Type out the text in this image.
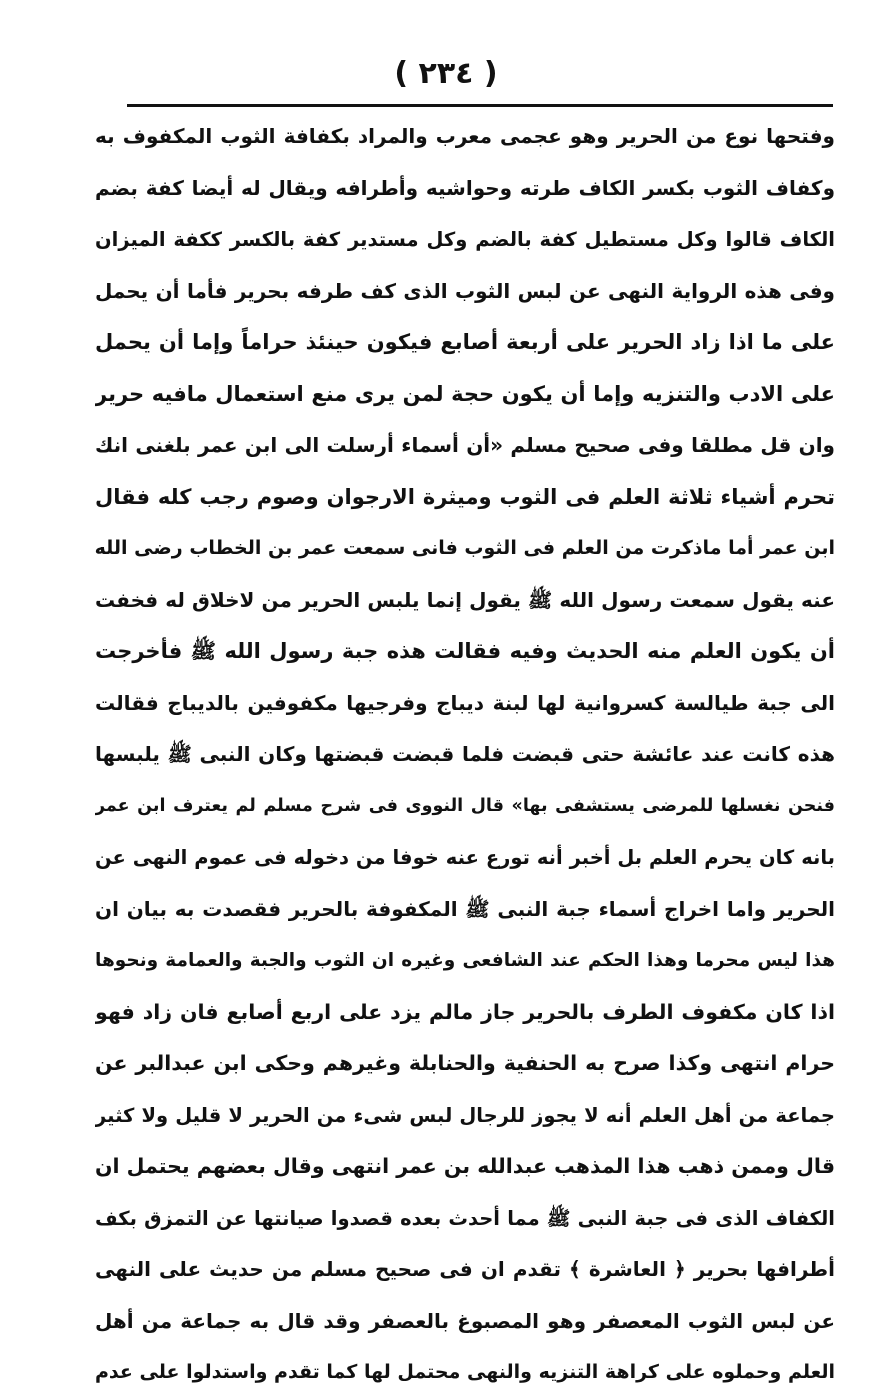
( ٢٣٤ )
وفتحها نوع من الحرير وهو عجمى معرب والمراد بكفافة الثوب المكفوف به
وكفاف الثوب بكسر الكاف طرته وحواشيه وأطرافه ويقال له أيضا كفة بضم
الكاف قالوا وكل مستطيل كفة بالضم وكل مستدير كفة بالكسر ككفة الميزان
وفى هذه الرواية النهى عن لبس الثوب الذى كف طرفه بحرير فأما أن يحمل
على ما اذا زاد الحرير على أربعة أصابع فيكون حينئذ حراماً وإما أن يحمل
على الادب والتنزيه وإما أن يكون حجة لمن يرى منع استعمال مافيه حرير
وان قل مطلقا وفى صحيح مسلم «أن أسماء أرسلت الى ابن عمر بلغنى انك
تحرم أشياء ثلاثة العلم فى الثوب وميثرة الارجوان وصوم رجب كله فقال
ابن عمر أما ماذكرت من العلم فى الثوب فانى سمعت عمر بن الخطاب رضى الله
عنه يقول سمعت رسول الله ﷺ يقول إنما يلبس الحرير من لاخلاق له فخفت
أن يكون العلم منه الحديث وفيه فقالت هذه جبة رسول الله ﷺ فأخرجت
الى جبة طيالسة كسروانية لها لبنة ديباج وفرجيها مكفوفين بالديباج فقالت
هذه كانت عند عائشة حتى قبضت فلما قبضت قبضتها وكان النبى ﷺ يلبسها
فنحن نغسلها للمرضى يستشفى بها» قال النووى فى شرح مسلم لم يعترف ابن عمر
بانه كان يحرم العلم بل أخبر أنه تورع عنه خوفا من دخوله فى عموم النهى عن
الحرير واما اخراج أسماء جبة النبى ﷺ المكفوفة بالحرير فقصدت به بيان ان
هذا ليس محرما وهذا الحكم عند الشافعى وغيره ان الثوب والجبة والعمامة ونحوها
اذا كان مكفوف الطرف بالحرير جاز مالم يزد على اربع أصابع فان زاد فهو
حرام انتهى وكذا صرح به الحنفية والحنابلة وغيرهم وحكى ابن عبدالبر عن
جماعة من أهل العلم أنه لا يجوز للرجال لبس شىء من الحرير لا قليل ولا كثير
قال وممن ذهب هذا المذهب عبدالله بن عمر انتهى وقال بعضهم يحتمل ان
الكفاف الذى فى جبة النبى ﷺ مما أحدث بعده قصدوا صيانتها عن التمزق بكف
أطرافها بحرير ﴿ العاشرة ﴾ تقدم ان فى صحيح مسلم من حديث على النهى
عن لبس الثوب المعصفر وهو المصبوغ بالعصفر وقد قال به جماعة من أهل
العلم وحملوه على كراهة التنزيه والنهى محتمل لها كما تقدم واستدلوا على عدم
